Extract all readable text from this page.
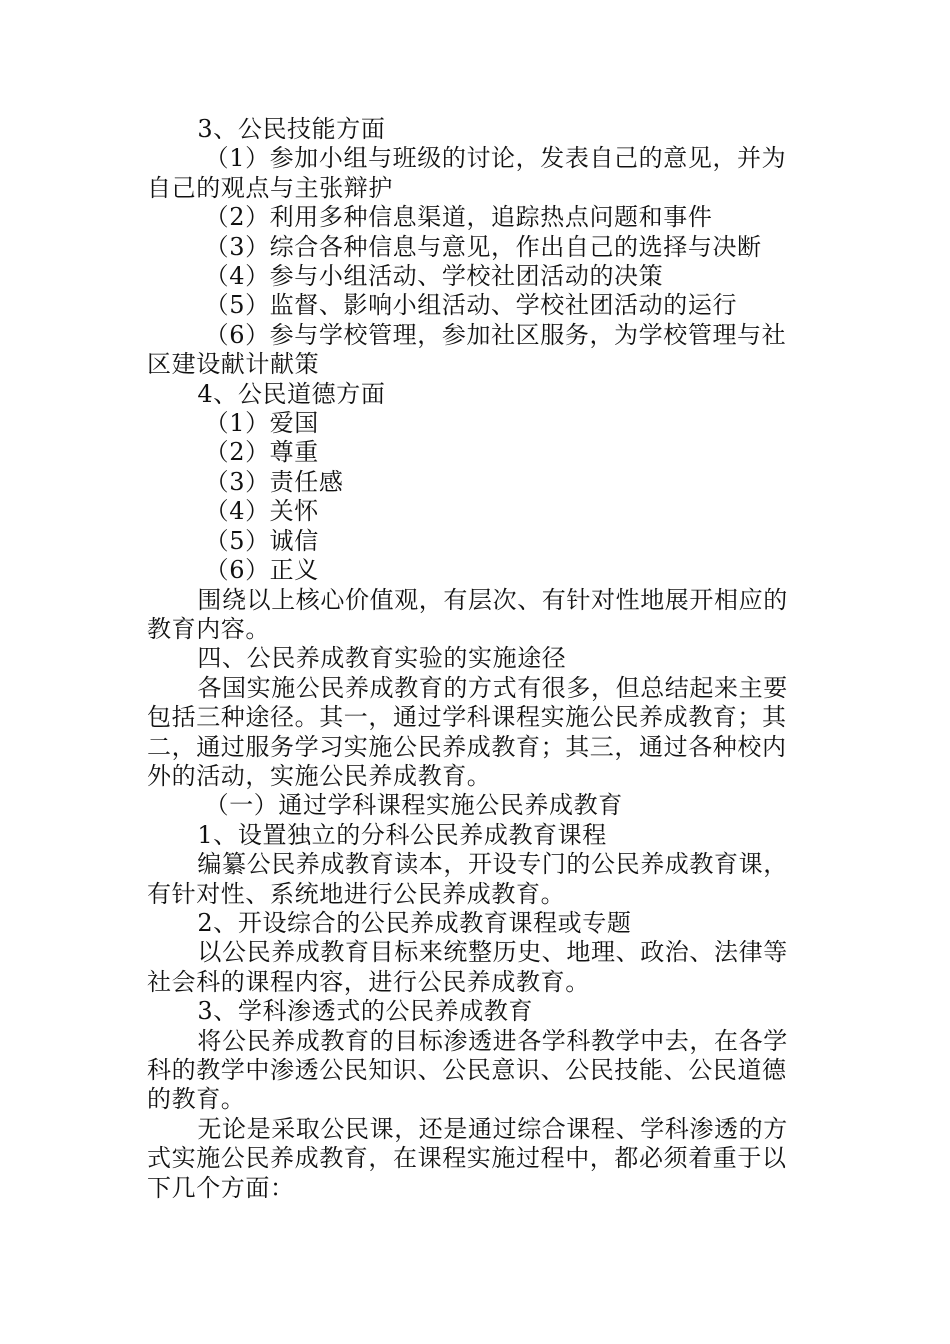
3、公民技能方面

（1）参加小组与班级的讨论，发表自己的意见，并为自己的观点与主张辩护

（2）利用多种信息渠道，追踪热点问题和事件

（3）综合各种信息与意见，作出自己的选择与决断

（4）参与小组活动、学校社团活动的决策

（5）监督、影响小组活动、学校社团活动的运行

（6）参与学校管理，参加社区服务，为学校管理与社区建设献计献策

4、公民道德方面

（1）爱国

（2）尊重

（3）责任感

（4）关怀

（5）诚信

（6）正义

围绕以上核心价值观，有层次、有针对性地展开相应的教育内容。

四、公民养成教育实验的实施途径

各国实施公民养成教育的方式有很多，但总结起来主要包括三种途径。其一，通过学科课程实施公民养成教育；其二，通过服务学习实施公民养成教育；其三，通过各种校内外的活动，实施公民养成教育。

（一）通过学科课程实施公民养成教育

1、设置独立的分科公民养成教育课程

编纂公民养成教育读本，开设专门的公民养成教育课，有针对性、系统地进行公民养成教育。

2、开设综合的公民养成教育课程或专题

以公民养成教育目标来统整历史、地理、政治、法律等社会科的课程内容，进行公民养成教育。

3、学科渗透式的公民养成教育

将公民养成教育的目标渗透进各学科教学中去，在各学科的教学中渗透公民知识、公民意识、公民技能、公民道德的教育。

无论是采取公民课，还是通过综合课程、学科渗透的方式实施公民养成教育，在课程实施过程中，都必须着重于以下几个方面：
